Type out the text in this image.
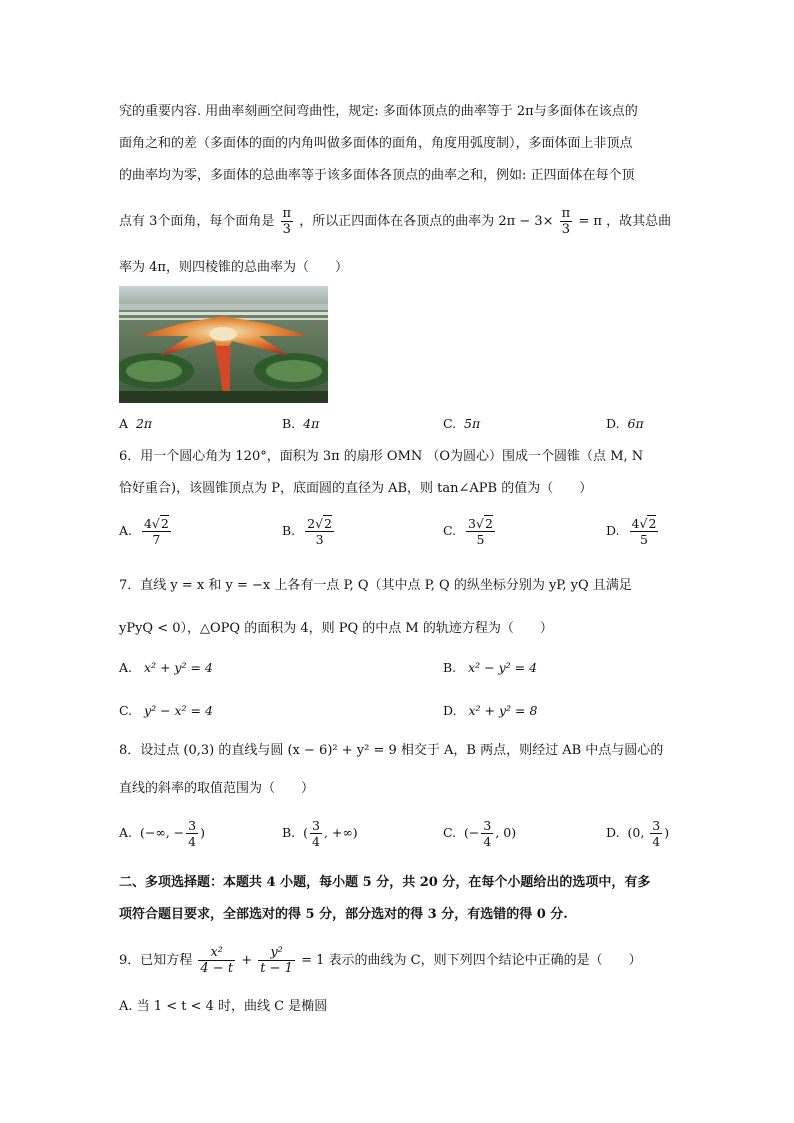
究的重要内容. 用曲率刻画空间弯曲性，规定: 多面体顶点的曲率等于 2π与多面体在该点的
面角之和的差（多面体的面的内角叫做多面体的面角，角度用弧度制），多面体面上非顶点
的曲率均为零，多面体的总曲率等于该多面体各顶点的曲率之和，例如: 正四面体在每个顶
点有 3个面角，每个面角是 $\frac{\pi}{3}$ ，所以正四面体在各顶点的曲率为 $2\pi - 3\times \frac{\pi}{3} = \pi$ ，故其总曲
率为 4π，则四棱锥的总曲率为（　　）
A 2π	B. 4π	C. 5π	D. 6π
6．用一个圆心角为 120°，面积为 3π 的扇形 OMN （O为圆心）围成一个圆锥（点 M, N
恰好重合)，该圆锥顶点为 P，底面圆的直径为 AB，则 tan∠APB 的值为（　　）
A. $\frac{4√2}{7}$	B. $\frac{2√2}{3}$	C. $\frac{3√2}{5}$	D. $\frac{4√2}{5}$
7．直线 y = x 和 y = −x 上各有一点 P, Q（其中点 P, Q 的纵坐标分别为 yP, yQ 且满足
yPyQ < 0），△OPQ 的面积为 4，则 PQ 的中点 M 的轨迹方程为（　　）
A. x² + y² = 4	B. x² − y² = 4
C. y² − x² = 4	D. x² + y² = 8
8．设过点 (0,3) 的直线与圆 (x − 6)² + y² = 9 相交于 A，B 两点，则经过 AB 中点与圆心的
直线的斜率的取值范围为（　　）
A. (−∞, − $\frac{3}{4}$ )	B. ( $\frac{3}{4}$ , +∞)	C. (− $\frac{3}{4}$ , 0)	D. (0, $\frac{3}{4}$ )
二、多项选择题：本题共 4 小题，每小题 5 分，共 20 分，在每个小题给出的选项中，有多
项符合题目要求，全部选对的得 5 分，部分选对的得 3 分，有选错的得 0 分.
9．已知方程 $\frac{\text{x²}}{4 - t} + \frac{\text{y²}}{t - 1} = 1$ 表示的曲线为 C，则下列四个结论中正确的是（　　）
A. 当 1 < t < 4 时，曲线 C 是椭圆
